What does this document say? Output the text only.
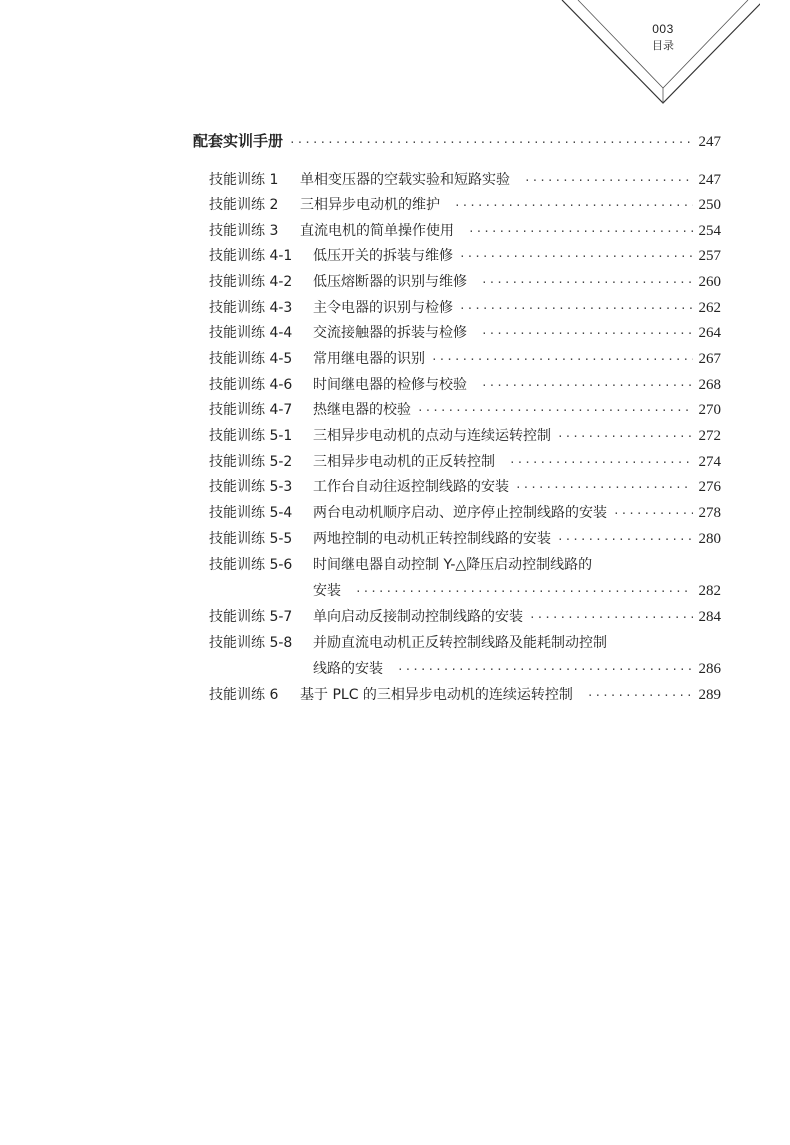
003
目录
配套实训手册 ·····	247
技能训练 1	单相变压器的空载实验和短路实验 ·····	247
技能训练 2	三相异步电动机的维护 ·····	250
技能训练 3	直流电机的简单操作使用 ·····	254
技能训练 4-1	低压开关的拆装与维修 ·····	257
技能训练 4-2	低压熔断器的识别与维修 ·····	260
技能训练 4-3	主令电器的识别与检修 ·····	262
技能训练 4-4	交流接触器的拆装与检修 ·····	264
技能训练 4-5	常用继电器的识别 ·····	267
技能训练 4-6	时间继电器的检修与校验 ·····	268
技能训练 4-7	热继电器的校验 ·····	270
技能训练 5-1	三相异步电动机的点动与连续运转控制 ·····	272
技能训练 5-2	三相异步电动机的正反转控制 ·····	274
技能训练 5-3	工作台自动往返控制线路的安装 ·····	276
技能训练 5-4	两台电动机顺序启动、逆序停止控制线路的安装 ·····	278
技能训练 5-5	两地控制的电动机正转控制线路的安装 ·····	280
技能训练 5-6	时间继电器自动控制 Y-△降压启动控制线路的
安装 ·····	282
技能训练 5-7	单向启动反接制动控制线路的安装 ·····	284
技能训练 5-8	并励直流电动机正反转控制线路及能耗制动控制
线路的安装 ·····	286
技能训练 6	基于 PLC 的三相异步电动机的连续运转控制 ·····	289
